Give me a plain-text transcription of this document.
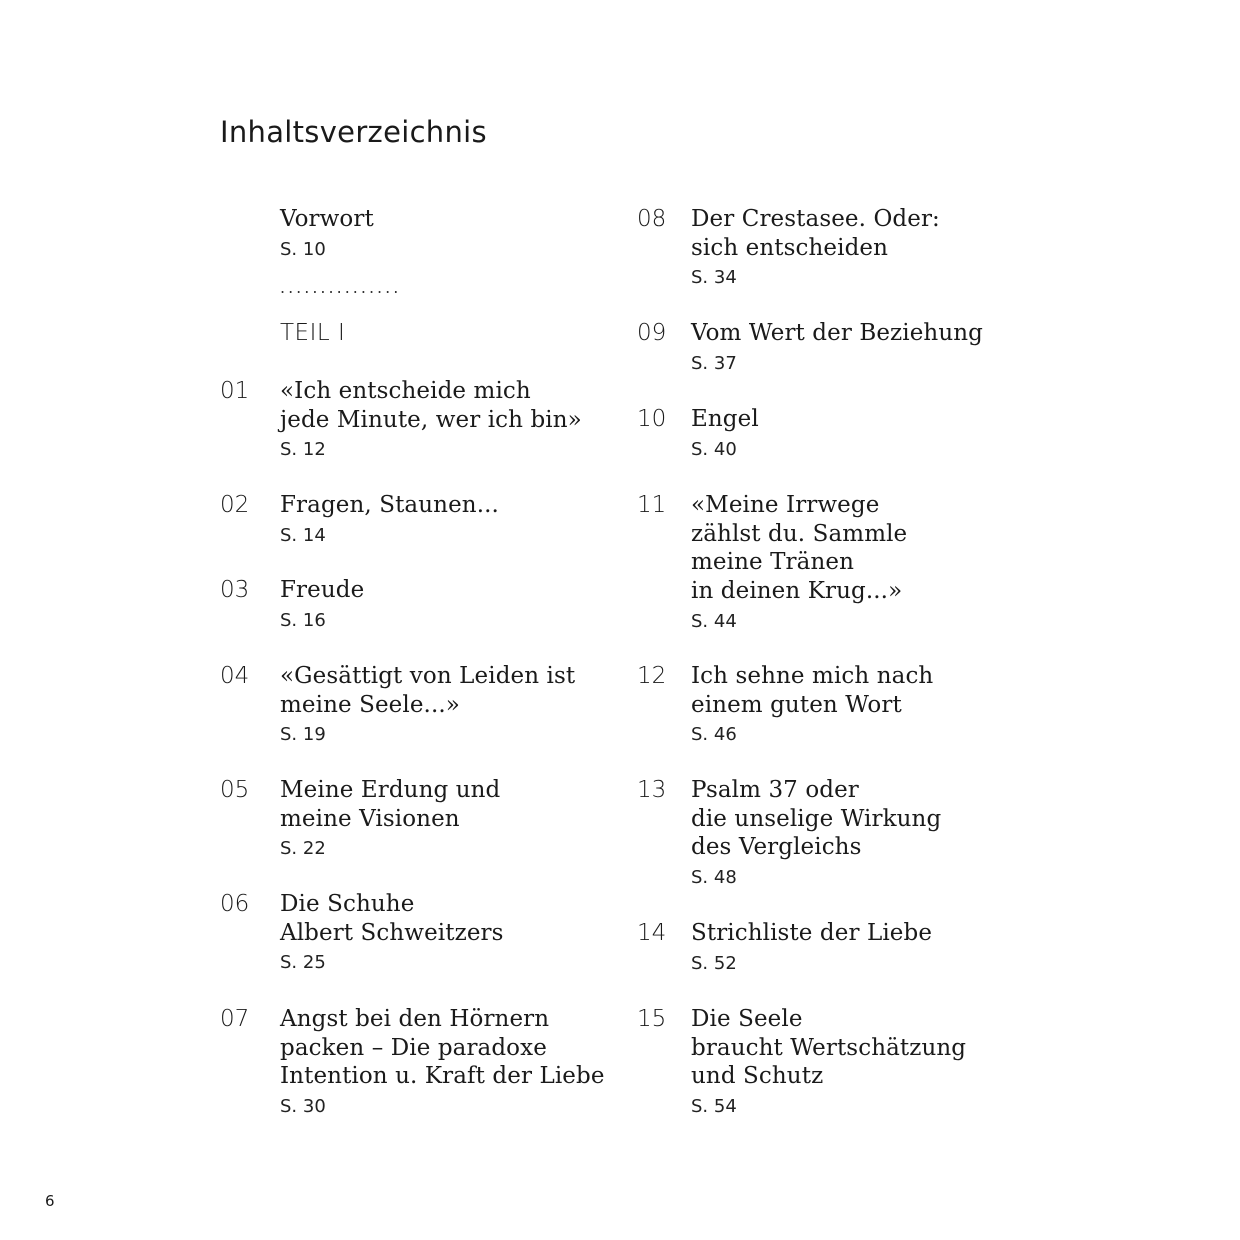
Inhaltsverzeichnis
Vorwort
S. 10
...............
TEIL I
01 «Ich entscheide mich
jede Minute, wer ich bin»
S. 12
02 Fragen, Staunen...
S. 14
03 Freude
S. 16
04 «Gesättigt von Leiden ist
meine Seele...»
S. 19
05 Meine Erdung und
meine Visionen
S. 22
06 Die Schuhe
Albert Schweitzers
S. 25
07 Angst bei den Hörnern
packen – Die paradoxe
Intention u. Kraft der Liebe
S. 30
08 Der Crestasee. Oder:
sich entscheiden
S. 34
09 Vom Wert der Beziehung
S. 37
10 Engel
S. 40
11 «Meine Irrwege
zählst du. Sammle
meine Tränen
in deinen Krug...»
S. 44
12 Ich sehne mich nach
einem guten Wort
S. 46
13 Psalm 37 oder
die unselige Wirkung
des Vergleichs
S. 48
14 Strichliste der Liebe
S. 52
15 Die Seele
braucht Wertschätzung
und Schutz
S. 54
6
